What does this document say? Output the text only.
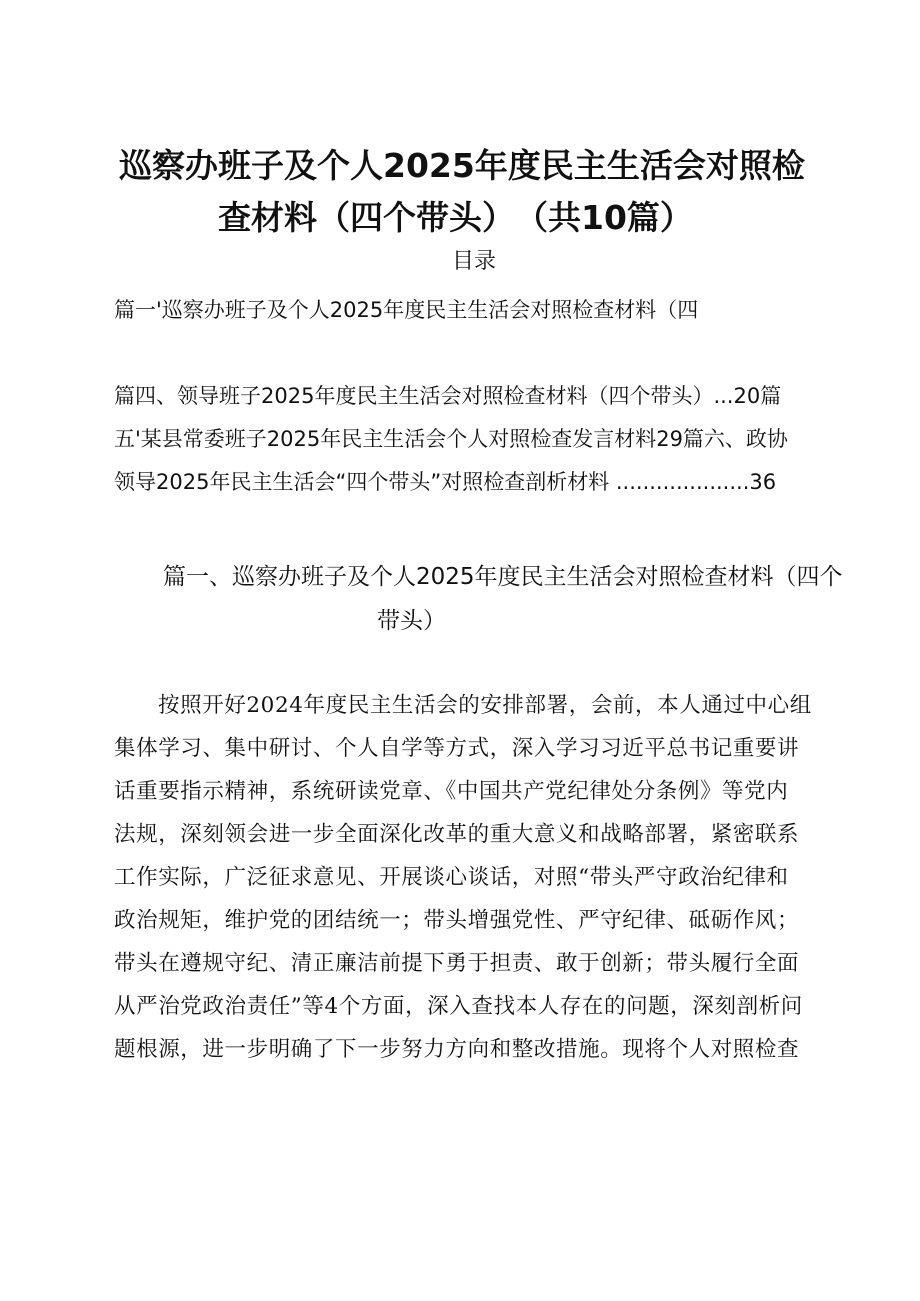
巡察办班子及个人2025年度民主生活会对照检
查材料（四个带头）　（共10篇）
目录
篇一'巡察办班子及个人2025年度民主生活会对照检查材料（四
篇四、领导班子2025年度民主生活会对照检查材料（四个带头）...20篇
五'某县常委班子2025年民主生活会个人对照检查发言材料29篇六、政协
领导2025年民主生活会“四个带头”对照检查剖析材料 ....................36
篇一、巡察办班子及个人2025年度民主生活会对照检查材料（四个
带头）
按照开好2024年度民主生活会的安排部署，会前，本人通过中心组
集体学习、集中研讨、个人自学等方式，深入学习习近平总书记重要讲
话重要指示精神，系统研读党章、《中国共产党纪律处分条例》等党内
法规，深刻领会进一步全面深化改革的重大意义和战略部署，紧密联系
工作实际，广泛征求意见、开展谈心谈话，对照“带头严守政治纪律和
政治规矩，维护党的团结统一；带头增强党性、严守纪律、砥砺作风；
带头在遵规守纪、清正廉洁前提下勇于担责、敢于创新；带头履行全面
从严治党政治责任”等4个方面，深入查找本人存在的问题，深刻剖析问
题根源，进一步明确了下一步努力方向和整改措施。现将个人对照检查
